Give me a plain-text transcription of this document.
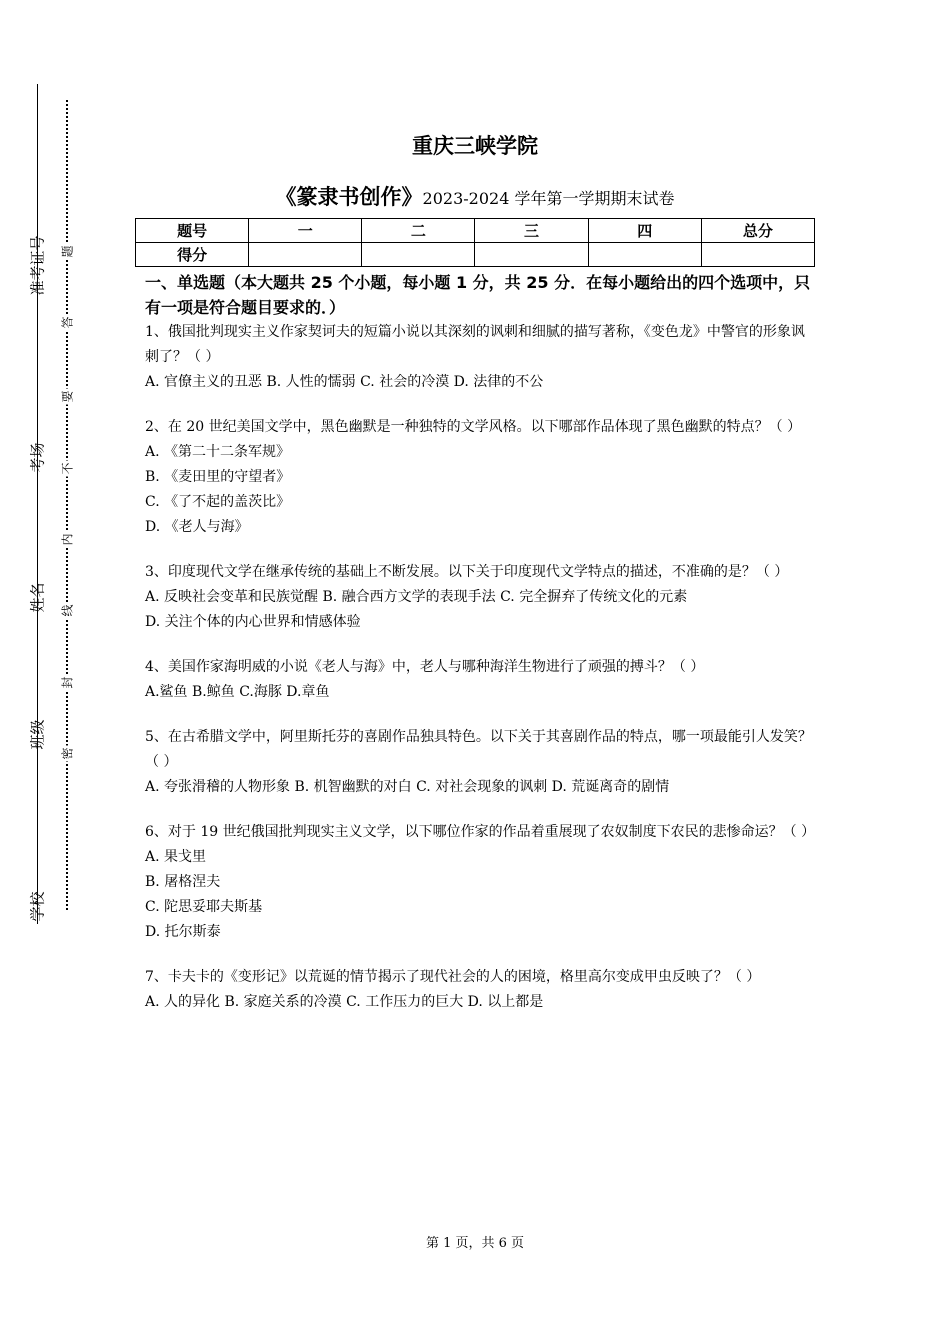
准考证号
考场
姓名
班级
学校
题
答
要
不
内
线
封
密
重庆三峡学院
《篆隶书创作》2023-2024 学年第一学期期末试卷
题号	一	二	三	四	总分
得分					

一、单选题（本大题共 25 个小题，每小题 1 分，共 25 分．在每小题给出的四个选项中，只有一项是符合题目要求的．）

1、俄国批判现实主义作家契诃夫的短篇小说以其深刻的讽刺和细腻的描写著称，《变色龙》中警官的形象讽刺了？（ ）

A. 官僚主义的丑恶 B. 人性的懦弱 C. 社会的冷漠 D. 法律的不公

2、在 20 世纪美国文学中，黑色幽默是一种独特的文学风格。以下哪部作品体现了黑色幽默的特点？（ ）

A. 《第二十二条军规》

B. 《麦田里的守望者》

C. 《了不起的盖茨比》

D. 《老人与海》

3、印度现代文学在继承传统的基础上不断发展。以下关于印度现代文学特点的描述，不准确的是？（ ）

A. 反映社会变革和民族觉醒 B. 融合西方文学的表现手法 C. 完全摒弃了传统文化的元素

D. 关注个体的内心世界和情感体验

4、美国作家海明威的小说《老人与海》中，老人与哪种海洋生物进行了顽强的搏斗？（ ）

A.鲨鱼 B.鲸鱼 C.海豚 D.章鱼

5、在古希腊文学中，阿里斯托芬的喜剧作品独具特色。以下关于其喜剧作品的特点，哪一项最能引人发笑？（ ）

A. 夸张滑稽的人物形象 B. 机智幽默的对白 C. 对社会现象的讽刺 D. 荒诞离奇的剧情

6、对于 19 世纪俄国批判现实主义文学，以下哪位作家的作品着重展现了农奴制度下农民的悲惨命运？（ ）

A. 果戈里

B. 屠格涅夫

C. 陀思妥耶夫斯基

D. 托尔斯泰

7、卡夫卡的《变形记》以荒诞的情节揭示了现代社会的人的困境，格里高尔变成甲虫反映了？（ ）

A. 人的异化 B. 家庭关系的冷漠 C. 工作压力的巨大 D. 以上都是

第 1 页，共 6 页
